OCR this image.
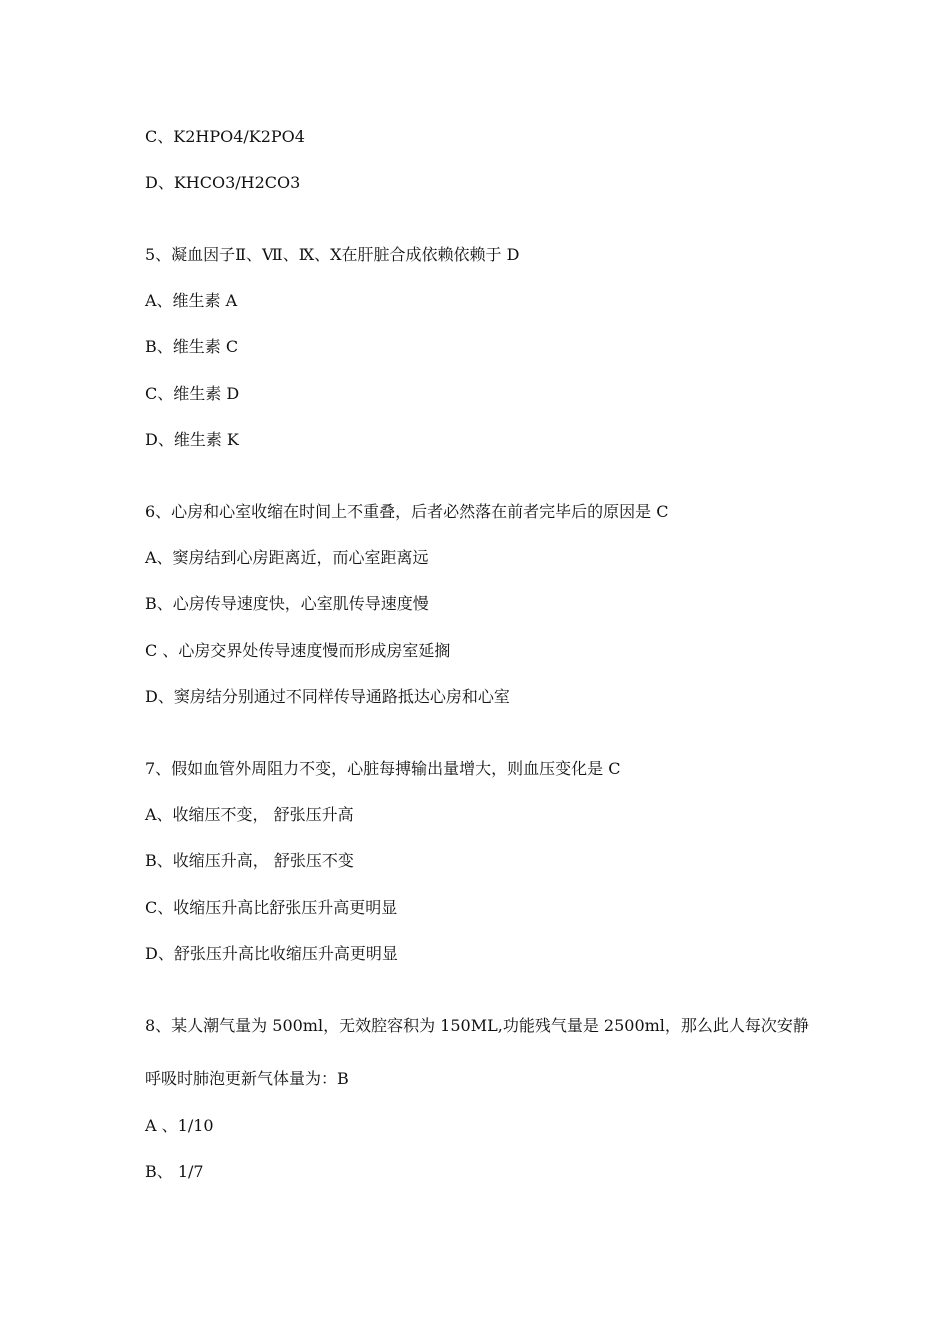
C、K2HPO4/K2PO4
D、KHCO3/H2CO3
5、凝血因子Ⅱ、Ⅶ、Ⅸ、Ⅹ在肝脏合成依赖依赖于 D
A、维生素 A
B、维生素 C
C、维生素 D
D、维生素 K
6、心房和心室收缩在时间上不重叠，后者必然落在前者完毕后的原因是 C
A、窦房结到心房距离近，而心室距离远
B、心房传导速度快，心室肌传导速度慢
C 、心房交界处传导速度慢而形成房室延搁
D、窦房结分别通过不同样传导通路抵达心房和心室
7、假如血管外周阻力不变，心脏每搏输出量增大，则血压变化是 C
A、收缩压不变， 舒张压升高
B、收缩压升高， 舒张压不变
C、收缩压升高比舒张压升高更明显
D、舒张压升高比收缩压升高更明显
8、某人潮气量为 500ml，无效腔容积为 150ML,功能残气量是 2500ml，那么此人每次安静
呼吸时肺泡更新气体量为：B
A 、1/10
B、 1/7
